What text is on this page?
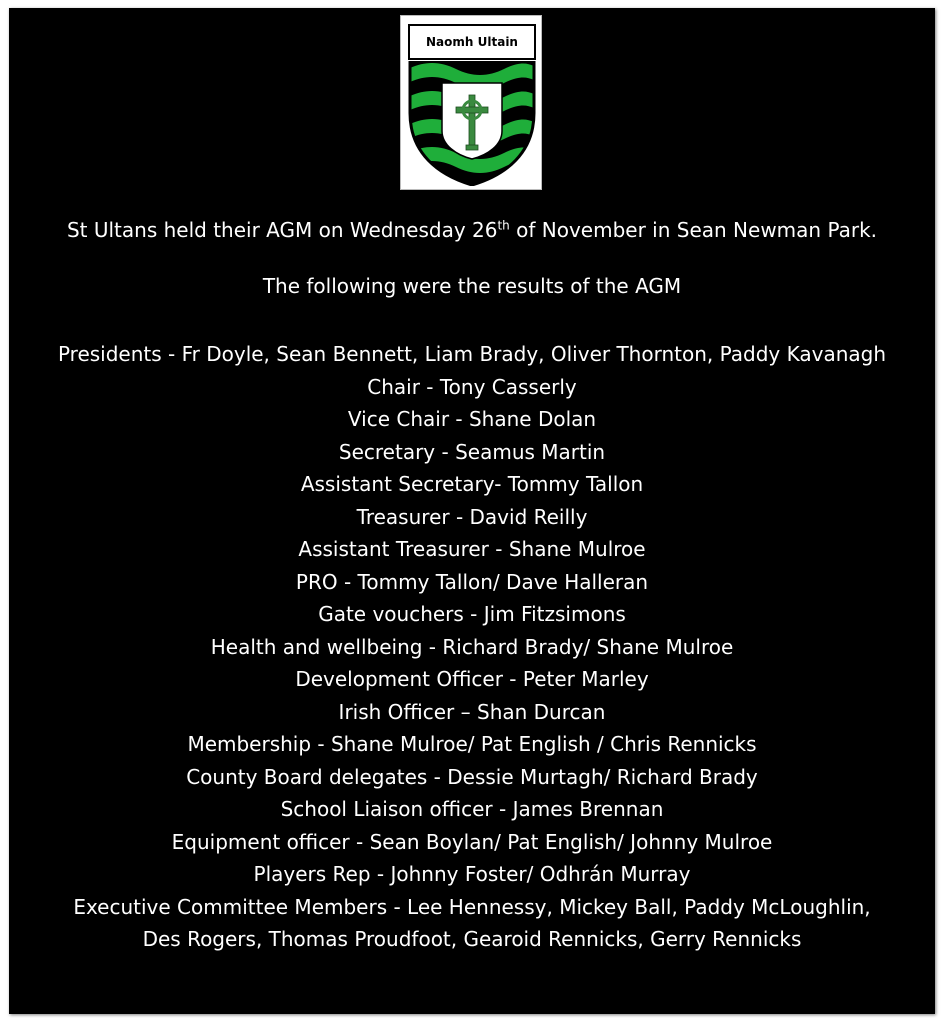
Naomh Ultain

St Ultans held their AGM on Wednesday 26th of November in Sean Newman Park.

The following were the results of the AGM

Presidents - Fr Doyle, Sean Bennett, Liam Brady, Oliver Thornton, Paddy Kavanagh

Chair - Tony Casserly

Vice Chair - Shane Dolan

Secretary - Seamus Martin

Assistant Secretary- Tommy Tallon

Treasurer - David Reilly

Assistant Treasurer - Shane Mulroe

PRO - Tommy Tallon/ Dave Halleran

Gate vouchers - Jim Fitzsimons

Health and wellbeing - Richard Brady/ Shane Mulroe

Development Officer - Peter Marley

Irish Officer – Shan Durcan

Membership - Shane Mulroe/ Pat English / Chris Rennicks

County Board delegates - Dessie Murtagh/ Richard Brady

School Liaison officer - James Brennan

Equipment officer - Sean Boylan/ Pat English/ Johnny Mulroe

Players Rep - Johnny Foster/ Odhrán Murray

Executive Committee Members - Lee Hennessy, Mickey Ball, Paddy McLoughlin,

Des Rogers, Thomas Proudfoot, Gearoid Rennicks, Gerry Rennicks
